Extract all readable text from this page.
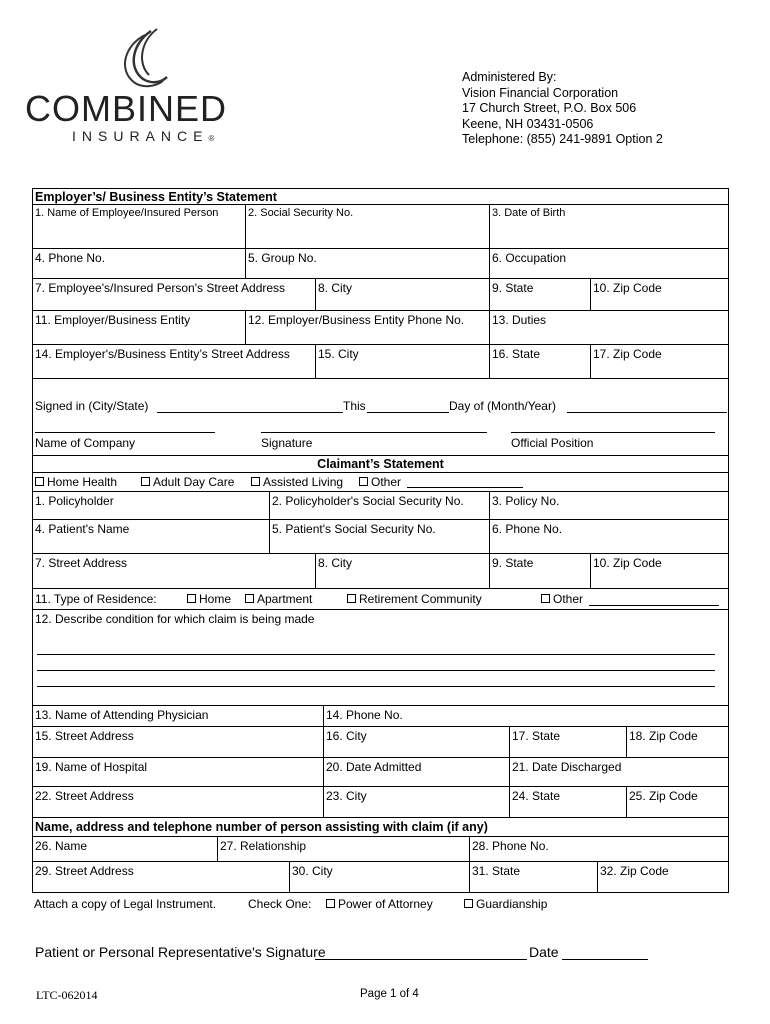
COMBINED
INSURANCE®
Administered By:
Vision Financial Corporation
17 Church Street, P.O. Box 506
Keene, NH 03431-0506
Telephone: (855) 241-9891 Option 2
Employer’s/ Business Entity’s Statement
1. Name of Employee/Insured Person	2. Social Security No.	3. Date of Birth
4. Phone No.	5. Group No.	6. Occupation
7. Employee's/Insured Person's Street Address	8. City	9. State	10. Zip Code
11. Employer/Business Entity	12. Employer/Business Entity Phone No.	13. Duties
14. Employer's/Business Entity’s Street Address	15. City	16. State	17. Zip Code
Signed in (City/State)	This	Day of (Month/Year)
Name of Company	Signature	Official Position
Claimant’s Statement
Home Health	Adult Day Care	Assisted Living	Other
1. Policyholder	2. Policyholder's Social Security No.	3. Policy No.
4. Patient's Name	5. Patient's Social Security No.	6. Phone No.
7. Street Address	8. City	9. State	10. Zip Code
11. Type of Residence:	Home	Apartment	Retirement Community	Other
12. Describe condition for which claim is being made
13. Name of Attending Physician	14. Phone No.
15. Street Address	16. City	17. State	18. Zip Code
19. Name of Hospital	20. Date Admitted	21. Date Discharged
22. Street Address	23. City	24. State	25. Zip Code
Name, address and telephone number of person assisting with claim (if any)
26. Name	27. Relationship	28. Phone No.
29. Street Address	30. City	31. State	32. Zip Code
Attach a copy of Legal Instrument.	Check One:	Power of Attorney	Guardianship
Patient or Personal Representative's Signature	Date
LTC-062014	Page 1 of 4
